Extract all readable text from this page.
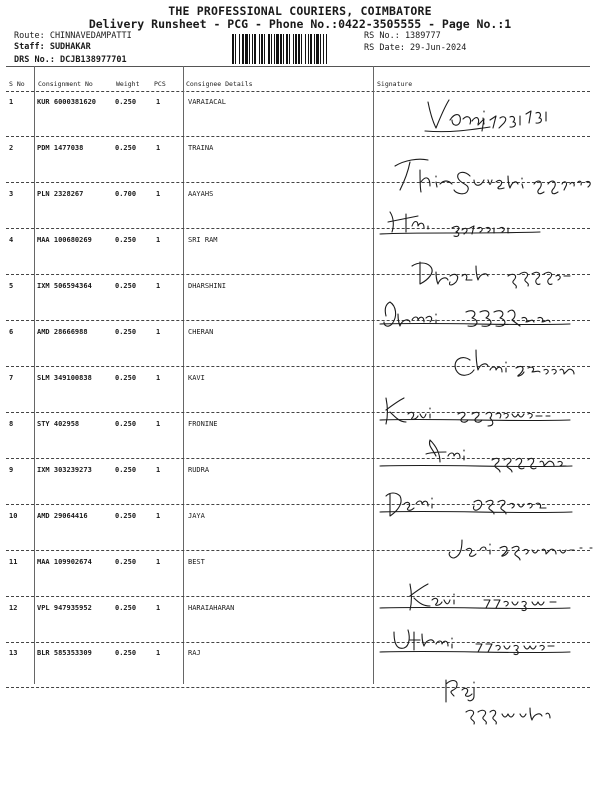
THE PROFESSIONAL COURIERS, COIMBATORE
Delivery Runsheet - PCG - Phone No.:0422-3505555 - Page No.:1
Route: CHINNAVEDAMPATTI
Staff: SUDHAKAR
DRS No.: DCJB138977701
RS No.: 1389777
RS Date: 29-Jun-2024
S No Consignment No	Weight PCS	Consignee Details	Signature
1	KUR 6000381620	0.250	1	VARAIACAL
2	PDM 1477038	0.250	1	TRAINA
3	PLN 2328267	0.700	1	AAYAHS
4	MAA 100680269	0.250	1	SRI RAM
5	IXM 506594364	0.250	1	DHARSHINI
6	AMD 28666988	0.250	1	CHERAN
7	SLM 349100838	0.250	1	KAVI
8	STY 402958	0.250	1	FRONINE
9	IXM 303239273	0.250	1	RUDRA
10	AMD 29064416	0.250	1	JAYA
11	MAA 109902674	0.250	1	BEST
12	VPL 947935952	0.250	1	HARAIAHARAN
13	BLR 585353309	0.250	1	RAJ
